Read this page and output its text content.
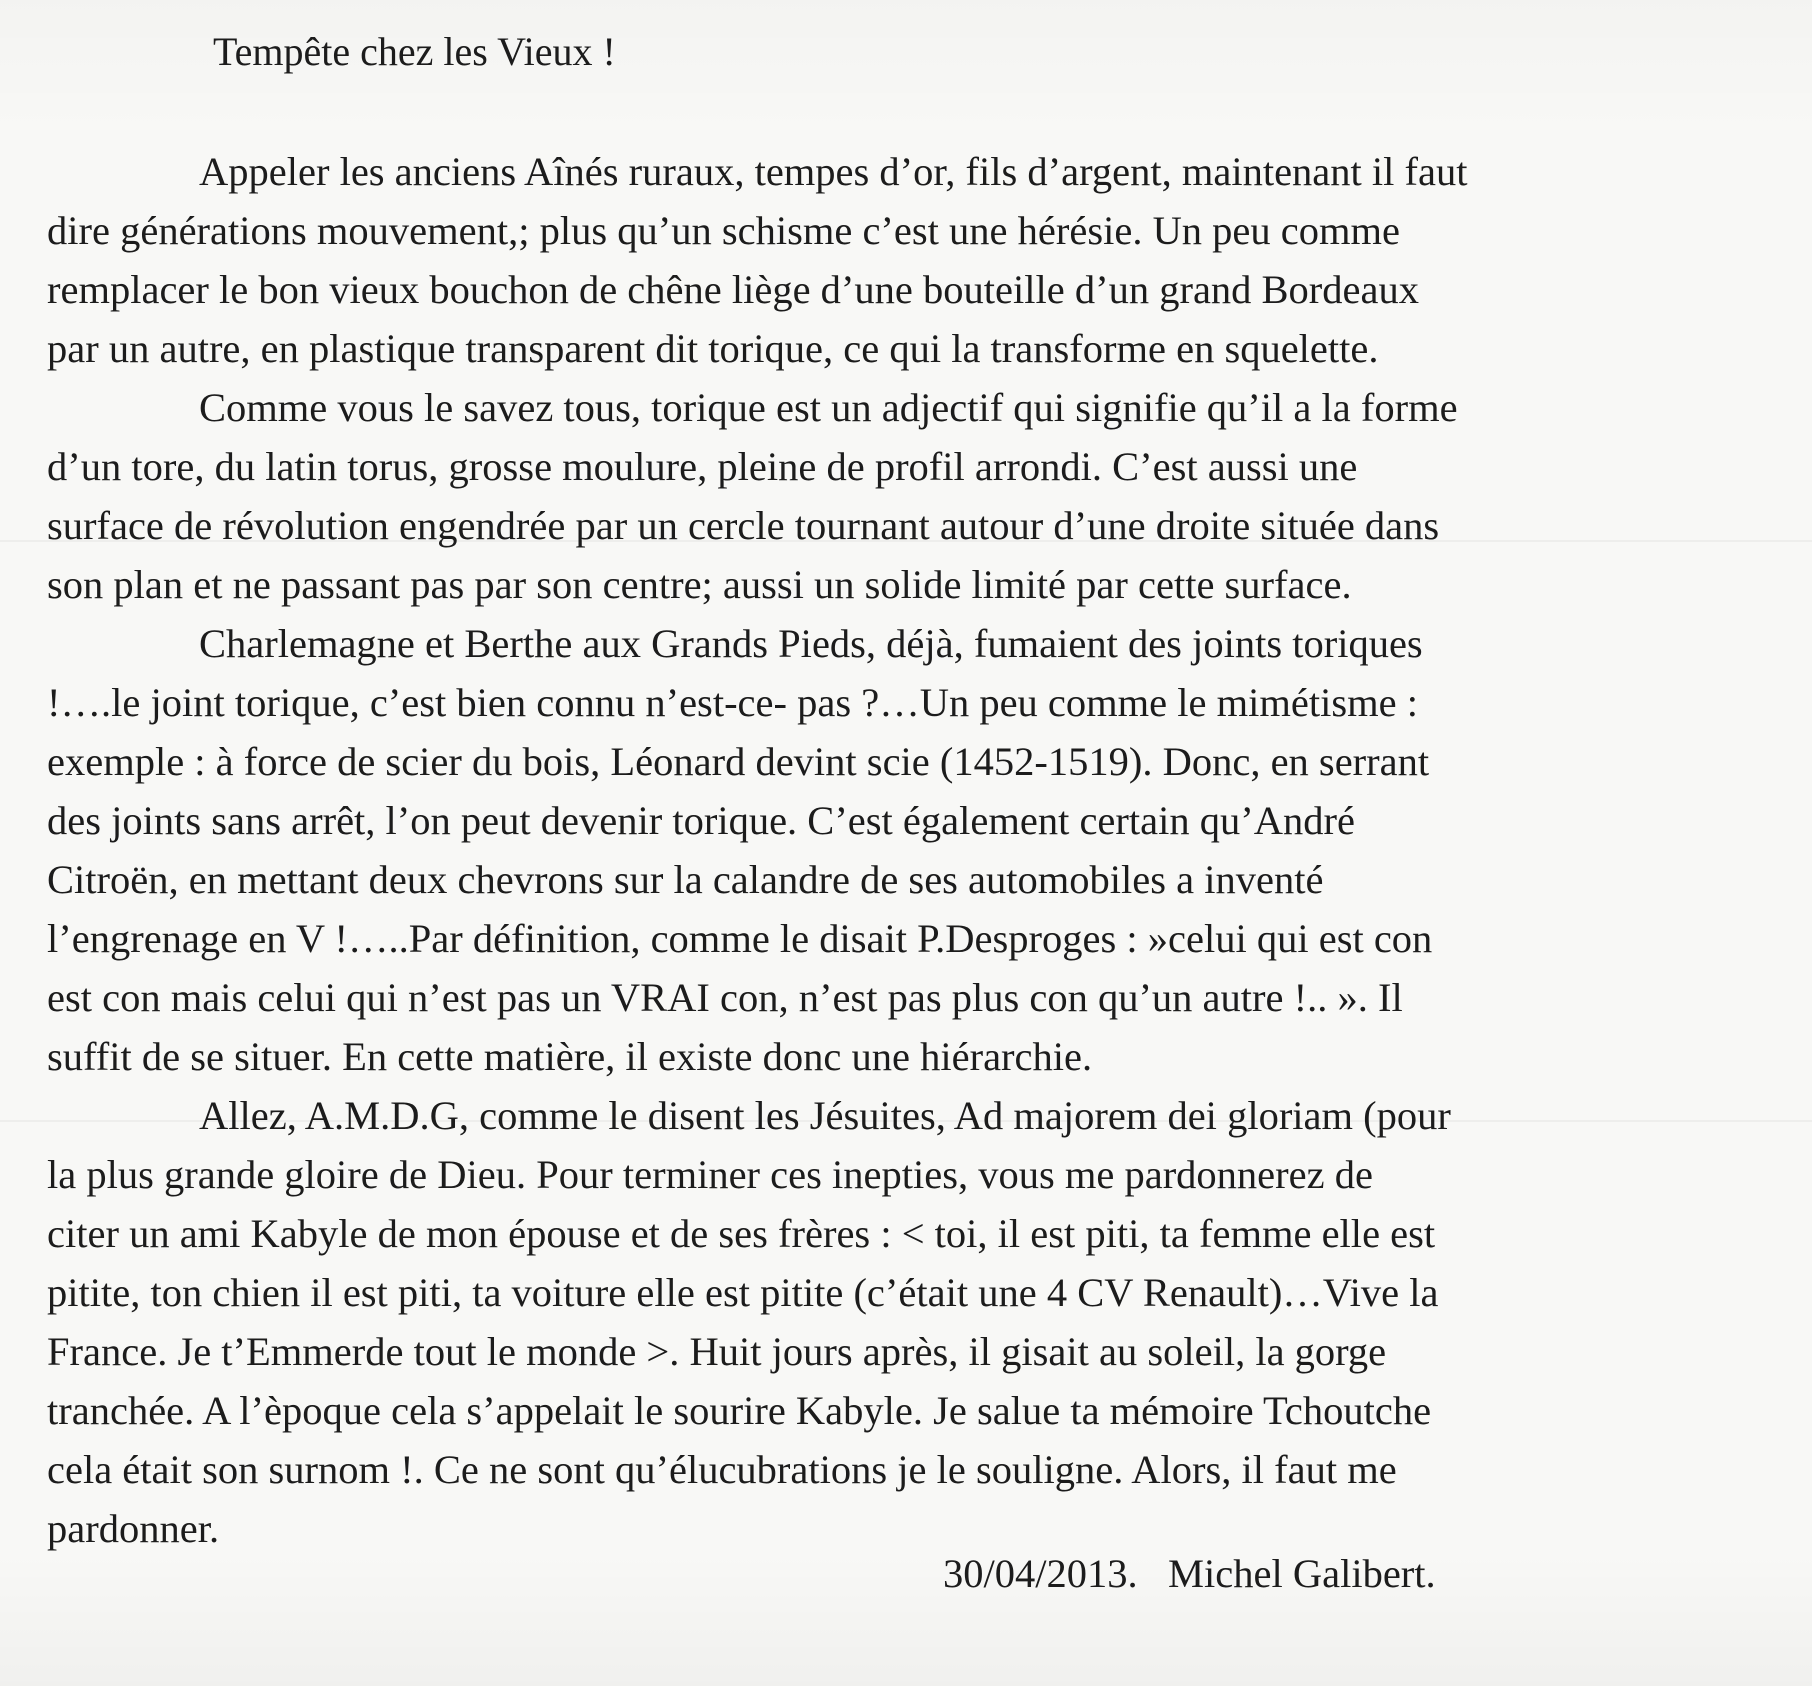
Tempête chez les Vieux !
Appeler les anciens Aînés ruraux, tempes d’or, fils d’argent, maintenant il faut
dire générations mouvement,; plus qu’un schisme c’est une hérésie. Un peu comme
remplacer le bon vieux bouchon de chêne liège d’une bouteille d’un grand Bordeaux
par un autre, en plastique transparent dit torique, ce qui la transforme en squelette.
Comme vous le savez tous, torique est un adjectif qui signifie qu’il a la forme
d’un tore, du latin torus, grosse moulure, pleine de profil arrondi. C’est aussi une
surface de révolution engendrée par un cercle tournant autour d’une droite située dans
son plan et ne passant pas par son centre; aussi un solide limité par cette surface.
Charlemagne et Berthe aux Grands Pieds, déjà, fumaient des joints toriques
!….le joint torique, c’est bien connu n’est-ce- pas ?…Un peu comme le mimétisme :
exemple : à force de scier du bois, Léonard devint scie (1452-1519). Donc, en serrant
des joints sans arrêt, l’on peut devenir torique. C’est également certain qu’André
Citroën, en mettant deux chevrons sur la calandre de ses automobiles a inventé
l’engrenage en V !…..Par définition, comme le disait P.Desproges : »celui qui est con
est con mais celui qui n’est pas un VRAI con, n’est pas plus con qu’un autre !.. ». Il
suffit de se situer. En cette matière, il existe donc une hiérarchie.
Allez, A.M.D.G, comme le disent les Jésuites, Ad majorem dei gloriam (pour
la plus grande gloire de Dieu. Pour terminer ces inepties, vous me pardonnerez de
citer un ami Kabyle de mon épouse et de ses frères : < toi, il est piti, ta femme elle est
pitite, ton chien il est piti, ta voiture elle est pitite (c’était une 4 CV Renault)…Vive la
France. Je t’Emmerde tout le monde >. Huit jours après, il gisait au soleil, la gorge
tranchée. A l’èpoque cela s’appelait le sourire Kabyle. Je salue ta mémoire Tchoutche
cela était son surnom !. Ce ne sont qu’élucubrations je le souligne. Alors, il faut me
pardonner.
30/04/2013.   Michel Galibert.
